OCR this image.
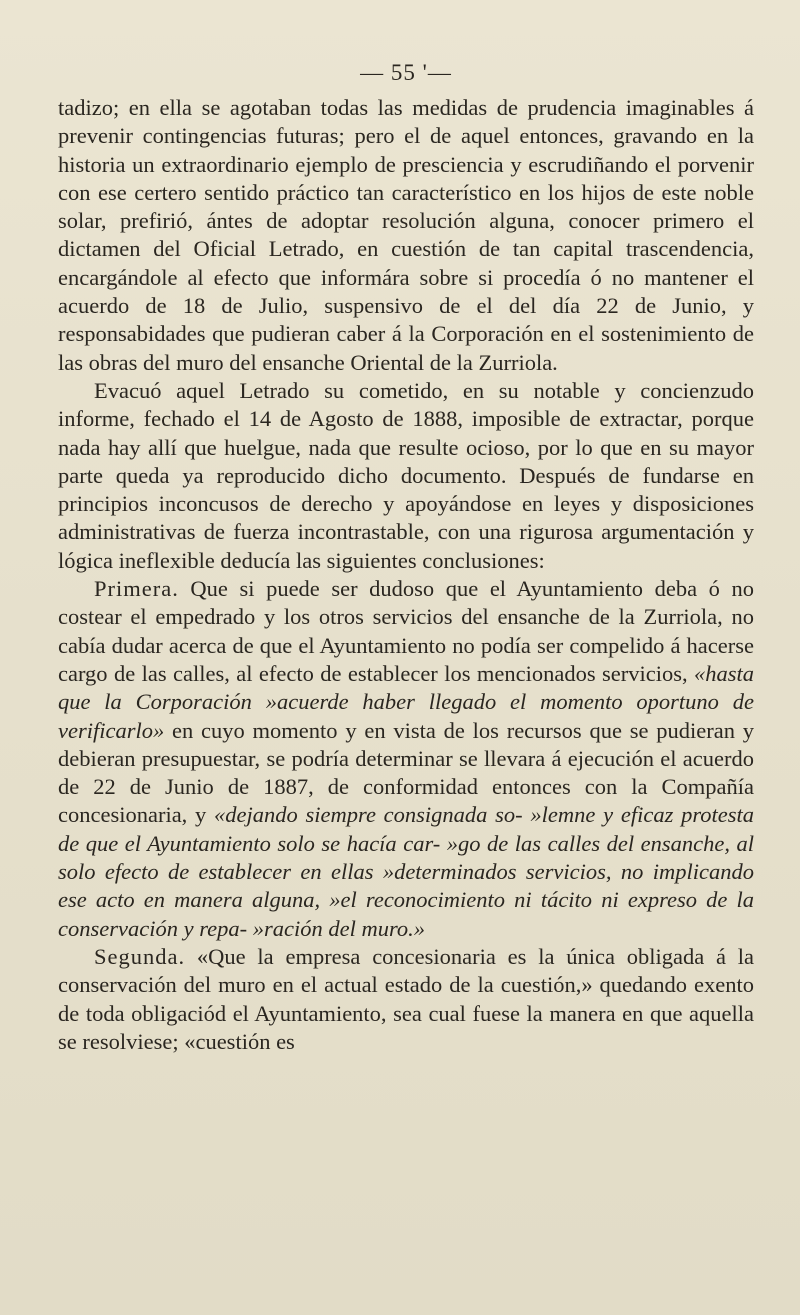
— 55 '—

tadizo; en ella se agotaban todas las medidas de prudencia imaginables á prevenir contingencias futuras; pero el de aquel entonces, gravando en la historia un extraordinario ejemplo de presciencia y escrudiñando el porvenir con ese certero sentido práctico tan característico en los hijos de este noble solar, prefirió, ántes de adoptar resolución alguna, conocer primero el dictamen del Oficial Letrado, en cuestión de tan capital trascendencia, encargándole al efecto que informára sobre si procedía ó no mantener el acuerdo de 18 de Julio, suspensivo de el del día 22 de Junio, y responsabidades que pudieran caber á la Corporación en el sostenimiento de las obras del muro del ensanche Oriental de la Zurriola.

Evacuó aquel Letrado su cometido, en su notable y concienzudo informe, fechado el 14 de Agosto de 1888, imposible de extractar, porque nada hay allí que huelgue, nada que resulte ocioso, por lo que en su mayor parte queda ya reproducido dicho documento. Después de fundarse en principios inconcusos de derecho y apoyándose en leyes y disposiciones administrativas de fuerza incontrastable, con una rigurosa argumentación y lógica ineflexible deducía las siguientes conclusiones:

Primera. Que si puede ser dudoso que el Ayuntamiento deba ó no costear el empedrado y los otros servicios del ensanche de la Zurriola, no cabía dudar acerca de que el Ayuntamiento no podía ser compelido á hacerse cargo de las calles, al efecto de establecer los mencionados servicios, «hasta que la Corporación »acuerde haber llegado el momento oportuno de verificarlo» en cuyo momento y en vista de los recursos que se pudieran y debieran presupuestar, se podría determinar se llevara á ejecución el acuerdo de 22 de Junio de 1887, de conformidad entonces con la Compañía concesionaria, y «dejando siempre consignada so- »lemne y eficaz protesta de que el Ayuntamiento solo se hacía car- »go de las calles del ensanche, al solo efecto de establecer en ellas »determinados servicios, no implicando ese acto en manera alguna, »el reconocimiento ni tácito ni expreso de la conservación y repa- »ración del muro.»

Segunda. «Que la empresa concesionaria es la única obligada á la conservación del muro en el actual estado de la cuestión,» quedando exento de toda obligaciód el Ayuntamiento, sea cual fuese la manera en que aquella se resolviese; «cuestión es
